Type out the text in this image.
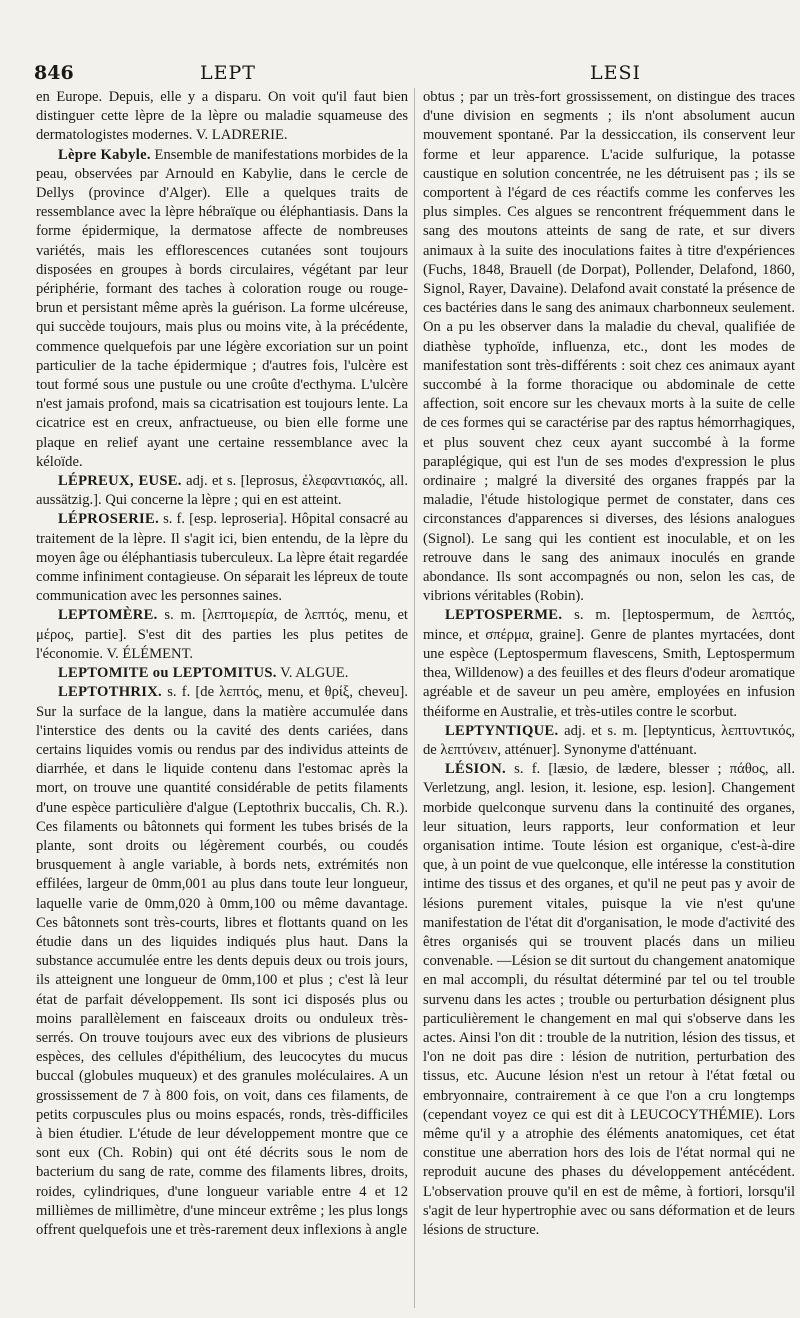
846	LEPT	LESI

en Europe. Depuis, elle y a disparu. On voit qu'il faut bien distinguer cette lèpre de la lèpre ou maladie squameuse des dermatologistes modernes. V. LADRERIE.

Lèpre Kabyle. Ensemble de manifestations morbides de la peau, observées par Arnould en Kabylie, dans le cercle de Dellys (province d'Alger). Elle a quelques traits de ressemblance avec la lèpre hébraïque ou éléphantiasis. Dans la forme épidermique, la dermatose affecte de nombreuses variétés, mais les efflorescences cutanées sont toujours disposées en groupes à bords circulaires, végétant par leur périphérie, formant des taches à coloration rouge ou rouge-brun et persistant même après la guérison. La forme ulcéreuse, qui succède toujours, mais plus ou moins vite, à la précédente, commence quelquefois par une légère excoriation sur un point particulier de la tache épidermique ; d'autres fois, l'ulcère est tout formé sous une pustule ou une croûte d'ecthyma. L'ulcère n'est jamais profond, mais sa cicatrisation est toujours lente. La cicatrice est en creux, anfractueuse, ou bien elle forme une plaque en relief ayant une certaine ressemblance avec la kéloïde.

LÉPREUX, EUSE. adj. et s. [leprosus, ἐλεφαντιακός, all. aussätzig.]. Qui concerne la lèpre ; qui en est atteint.

LÉPROSERIE. s. f. [esp. leproseria]. Hôpital consacré au traitement de la lèpre. Il s'agit ici, bien entendu, de la lèpre du moyen âge ou éléphantiasis tuberculeux. La lèpre était regardée comme infiniment contagieuse. On séparait les lépreux de toute communication avec les personnes saines.

LEPTOMÈRE. s. m. [λεπτομερία, de λεπτός, menu, et μέρος, partie]. S'est dit des parties les plus petites de l'économie. V. ÉLÉMENT.

LEPTOMITE ou LEPTOMITUS. V. ALGUE.

LEPTOTHRIX. s. f. [de λεπτός, menu, et θρίξ, cheveu]. Sur la surface de la langue, dans la matière accumulée dans l'interstice des dents ou la cavité des dents cariées, dans certains liquides vomis ou rendus par des individus atteints de diarrhée, et dans le liquide contenu dans l'estomac après la mort, on trouve une quantité considérable de petits filaments d'une espèce particulière d'algue (Leptothrix buccalis, Ch. R.). Ces filaments ou bâtonnets qui forment les tubes brisés de la plante, sont droits ou légèrement courbés, ou coudés brusquement à angle variable, à bords nets, extrémités non effilées, largeur de 0mm,001 au plus dans toute leur longueur, laquelle varie de 0mm,020 à 0mm,100 ou même davantage. Ces bâtonnets sont très-courts, libres et flottants quand on les étudie dans un des liquides indiqués plus haut. Dans la substance accumulée entre les dents depuis deux ou trois jours, ils atteignent une longueur de 0mm,100 et plus ; c'est là leur état de parfait développement. Ils sont ici disposés plus ou moins parallèlement en faisceaux droits ou onduleux très-serrés. On trouve toujours avec eux des vibrions de plusieurs espèces, des cellules d'épithélium, des leucocytes du mucus buccal (globules muqueux) et des granules moléculaires. A un grossissement de 7 à 800 fois, on voit, dans ces filaments, de petits corpuscules plus ou moins espacés, ronds, très-difficiles à bien étudier. L'étude de leur développement montre que ce sont eux (Ch. Robin) qui ont été décrits sous le nom de bacterium du sang de rate, comme des filaments libres, droits, roides, cylindriques, d'une longueur variable entre 4 et 12 millièmes de millimètre, d'une minceur extrême ; les plus longs offrent quelquefois une et très-rarement deux inflexions à angle

obtus ; par un très-fort grossissement, on distingue des traces d'une division en segments ; ils n'ont absolument aucun mouvement spontané. Par la dessiccation, ils conservent leur forme et leur apparence. L'acide sulfurique, la potasse caustique en solution concentrée, ne les détruisent pas ; ils se comportent à l'égard de ces réactifs comme les conferves les plus simples. Ces algues se rencontrent fréquemment dans le sang des moutons atteints de sang de rate, et sur divers animaux à la suite des inoculations faites à titre d'expériences (Fuchs, 1848, Brauell (de Dorpat), Pollender, Delafond, 1860, Signol, Rayer, Davaine). Delafond avait constaté la présence de ces bactéries dans le sang des animaux charbonneux seulement. On a pu les observer dans la maladie du cheval, qualifiée de diathèse typhoïde, influenza, etc., dont les modes de manifestation sont très-différents : soit chez ces animaux ayant succombé à la forme thoracique ou abdominale de cette affection, soit encore sur les chevaux morts à la suite de celle de ces formes qui se caractérise par des raptus hémorrhagiques, et plus souvent chez ceux ayant succombé à la forme paraplégique, qui est l'un de ses modes d'expression le plus ordinaire ; malgré la diversité des organes frappés par la maladie, l'étude histologique permet de constater, dans ces circonstances d'apparences si diverses, des lésions analogues (Signol). Le sang qui les contient est inoculable, et on les retrouve dans le sang des animaux inoculés en grande abondance. Ils sont accompagnés ou non, selon les cas, de vibrions véritables (Robin).

LEPTOSPERME. s. m. [leptospermum, de λεπτός, mince, et σπέρμα, graine]. Genre de plantes myrtacées, dont une espèce (Leptospermum flavescens, Smith, Leptospermum thea, Willdenow) a des feuilles et des fleurs d'odeur aromatique agréable et de saveur un peu amère, employées en infusion théiforme en Australie, et très-utiles contre le scorbut.

LEPTYNTIQUE. adj. et s. m. [leptynticus, λεπτυντικός, de λεπτύνειν, atténuer]. Synonyme d'atténuant.

LÉSION. s. f. [læsio, de lædere, blesser ; πάθος, all. Verletzung, angl. lesion, it. lesione, esp. lesion]. Changement morbide quelconque survenu dans la continuité des organes, leur situation, leurs rapports, leur conformation et leur organisation intime. Toute lésion est organique, c'est-à-dire que, à un point de vue quelconque, elle intéresse la constitution intime des tissus et des organes, et qu'il ne peut pas y avoir de lésions purement vitales, puisque la vie n'est qu'une manifestation de l'état dit d'organisation, le mode d'activité des êtres organisés qui se trouvent placés dans un milieu convenable. —Lésion se dit surtout du changement anatomique en mal accompli, du résultat déterminé par tel ou tel trouble survenu dans les actes ; trouble ou perturbation désignent plus particulièrement le changement en mal qui s'observe dans les actes. Ainsi l'on dit : trouble de la nutrition, lésion des tissus, et l'on ne doit pas dire : lésion de nutrition, perturbation des tissus, etc. Aucune lésion n'est un retour à l'état fœtal ou embryonnaire, contrairement à ce que l'on a cru longtemps (cependant voyez ce qui est dit à LEUCOCYTHÉMIE). Lors même qu'il y a atrophie des éléments anatomiques, cet état constitue une aberration hors des lois de l'état normal qui ne reproduit aucune des phases du développement antécédent. L'observation prouve qu'il en est de même, à fortiori, lorsqu'il s'agit de leur hypertrophie avec ou sans déformation et de leurs lésions de structure.
